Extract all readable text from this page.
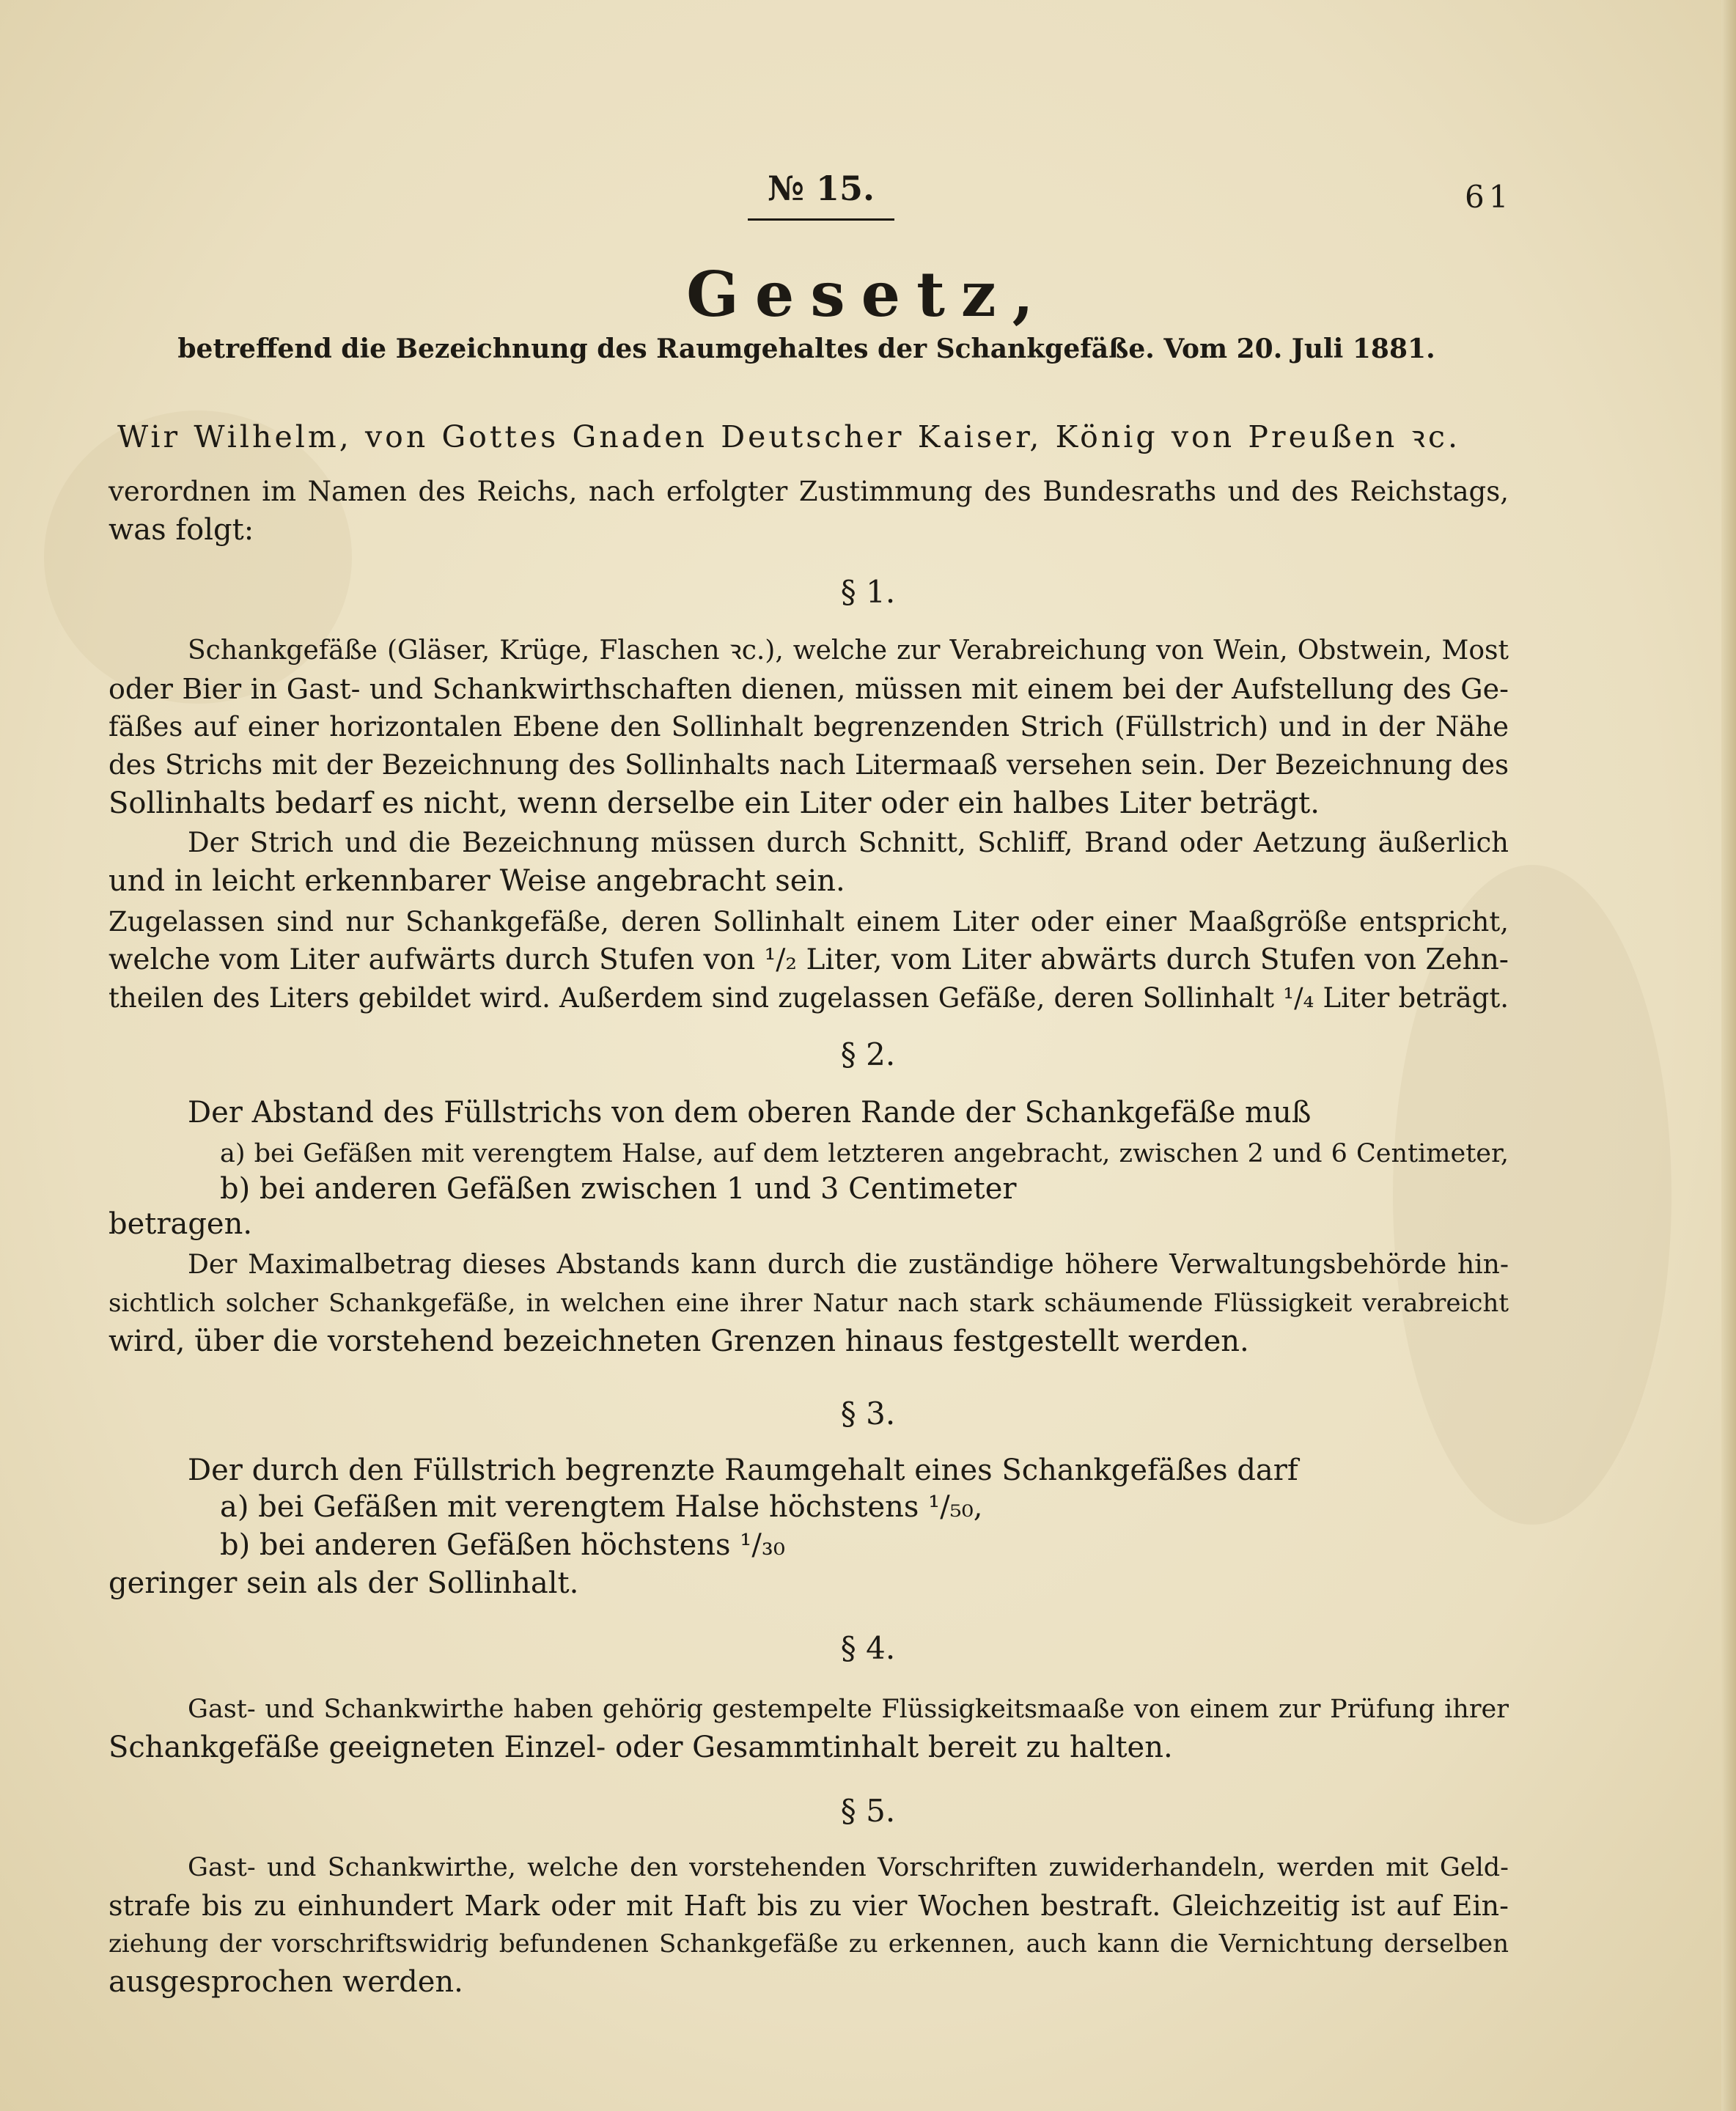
№ 15.	61
Gesetz,
betreffend die Bezeichnung des Raumgehaltes der Schankgefäße. Vom 20. Juli 1881.
Wir Wilhelm, von Gottes Gnaden Deutscher Kaiser, König von Preußen ꝛc.
verordnen im Namen des Reichs, nach erfolgter Zustimmung des Bundesraths und des Reichstags,
was folgt:
§ 1.
Schankgefäße (Gläser, Krüge, Flaschen ꝛc.), welche zur Verabreichung von Wein, Obstwein, Most
oder Bier in Gast- und Schankwirthschaften dienen, müssen mit einem bei der Aufstellung des Ge-
fäßes auf einer horizontalen Ebene den Sollinhalt begrenzenden Strich (Füllstrich) und in der Nähe
des Strichs mit der Bezeichnung des Sollinhalts nach Litermaaß versehen sein. Der Bezeichnung des
Sollinhalts bedarf es nicht, wenn derselbe ein Liter oder ein halbes Liter beträgt.
Der Strich und die Bezeichnung müssen durch Schnitt, Schliff, Brand oder Aetzung äußerlich
und in leicht erkennbarer Weise angebracht sein.
Zugelassen sind nur Schankgefäße, deren Sollinhalt einem Liter oder einer Maaßgröße entspricht,
welche vom Liter aufwärts durch Stufen von ¹/₂ Liter, vom Liter abwärts durch Stufen von Zehn-
theilen des Liters gebildet wird. Außerdem sind zugelassen Gefäße, deren Sollinhalt ¹/₄ Liter beträgt.
§ 2.
Der Abstand des Füllstrichs von dem oberen Rande der Schankgefäße muß
a) bei Gefäßen mit verengtem Halse, auf dem letzteren angebracht, zwischen 2 und 6 Centimeter,
b) bei anderen Gefäßen zwischen 1 und 3 Centimeter
betragen.
Der Maximalbetrag dieses Abstands kann durch die zuständige höhere Verwaltungsbehörde hin-
sichtlich solcher Schankgefäße, in welchen eine ihrer Natur nach stark schäumende Flüssigkeit verabreicht
wird, über die vorstehend bezeichneten Grenzen hinaus festgestellt werden.
§ 3.
Der durch den Füllstrich begrenzte Raumgehalt eines Schankgefäßes darf
a) bei Gefäßen mit verengtem Halse höchstens ¹/₅₀,
b) bei anderen Gefäßen höchstens ¹/₃₀
geringer sein als der Sollinhalt.
§ 4.
Gast- und Schankwirthe haben gehörig gestempelte Flüssigkeitsmaaße von einem zur Prüfung ihrer
Schankgefäße geeigneten Einzel- oder Gesammtinhalt bereit zu halten.
§ 5.
Gast- und Schankwirthe, welche den vorstehenden Vorschriften zuwiderhandeln, werden mit Geld-
strafe bis zu einhundert Mark oder mit Haft bis zu vier Wochen bestraft. Gleichzeitig ist auf Ein-
ziehung der vorschriftswidrig befundenen Schankgefäße zu erkennen, auch kann die Vernichtung derselben
ausgesprochen werden.
